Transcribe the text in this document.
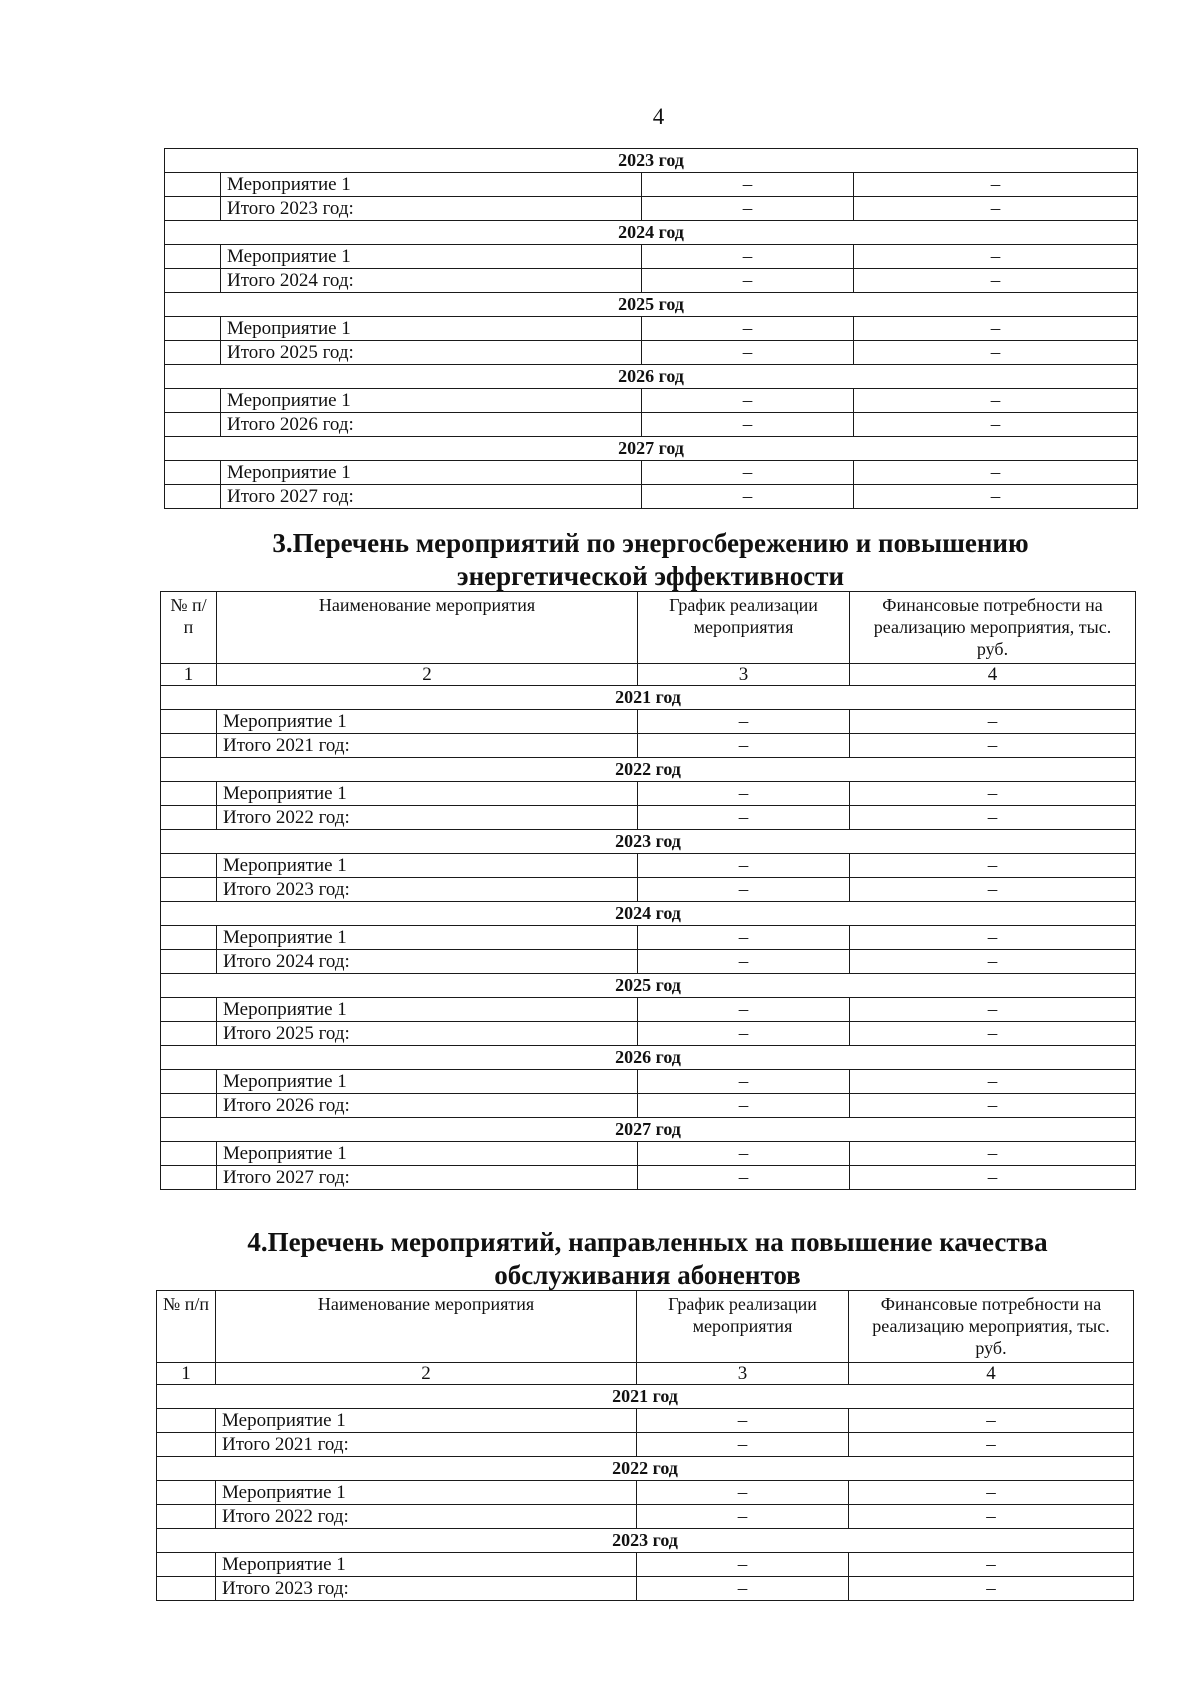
4
2023 год			
	Мероприятие 1	–	–
	Итого 2023 год:	–	–
2024 год			
	Мероприятие 1	–	–
	Итого 2024 год:	–	–
2025 год			
	Мероприятие 1	–	–
	Итого 2025 год:	–	–
2026 год			
	Мероприятие 1	–	–
	Итого 2026 год:	–	–
2027 год			
	Мероприятие 1	–	–
	Итого 2027 год:	–	–
3.Перечень мероприятий по энергосбережению и повышению
энергетической эффективности
№ п/п	Наименование мероприятия	График реализации мероприятия	Финансовые потребности на реализацию мероприятия, тыс. руб.
1	2	3	4
2021 год			
	Мероприятие 1	–	–
	Итого 2021 год:	–	–
2022 год			
	Мероприятие 1	–	–
	Итого 2022 год:	–	–
2023 год			
	Мероприятие 1	–	–
	Итого 2023 год:	–	–
2024 год			
	Мероприятие 1	–	–
	Итого 2024 год:	–	–
2025 год			
	Мероприятие 1	–	–
	Итого 2025 год:	–	–
2026 год			
	Мероприятие 1	–	–
	Итого 2026 год:	–	–
2027 год			
	Мероприятие 1	–	–
	Итого 2027 год:	–	–
4.Перечень мероприятий, направленных на повышение качества
обслуживания абонентов
№ п/п	Наименование мероприятия	График реализации мероприятия	Финансовые потребности на реализацию мероприятия, тыс. руб.
1	2	3	4
2021 год			
	Мероприятие 1	–	–
	Итого 2021 год:	–	–
2022 год			
	Мероприятие 1	–	–
	Итого 2022 год:	–	–
2023 год			
	Мероприятие 1	–	–
	Итого 2023 год:	–	–
